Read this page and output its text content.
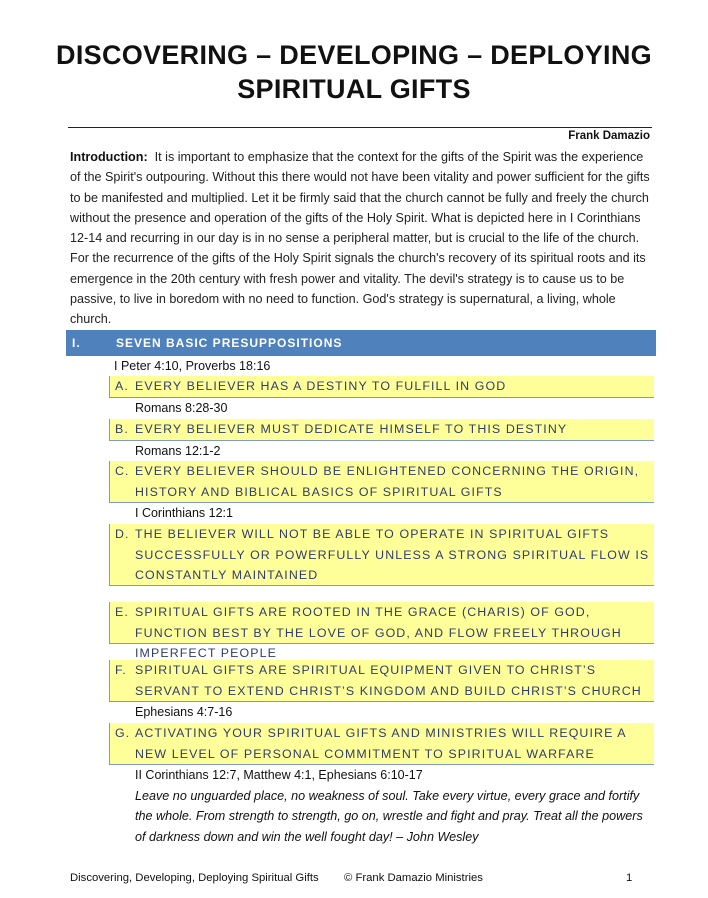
DISCOVERING – DEVELOPING – DEPLOYING
SPIRITUAL GIFTS
Frank Damazio
Introduction: It is important to emphasize that the context for the gifts of the Spirit was the experience of the Spirit's outpouring. Without this there would not have been vitality and power sufficient for the gifts to be manifested and multiplied. Let it be firmly said that the church cannot be fully and freely the church without the presence and operation of the gifts of the Holy Spirit. What is depicted here in I Corinthians 12-14 and recurring in our day is in no sense a peripheral matter, but is crucial to the life of the church. For the recurrence of the gifts of the Holy Spirit signals the church's recovery of its spiritual roots and its emergence in the 20th century with fresh power and vitality. The devil's strategy is to cause us to be passive, to live in boredom with no need to function. God's strategy is supernatural, a living, whole church.
I.	SEVEN BASIC PRESUPPOSITIONS
I Peter 4:10, Proverbs 18:16
A. EVERY BELIEVER HAS A DESTINY TO FULFILL IN GOD
Romans 8:28-30
B. EVERY BELIEVER MUST DEDICATE HIMSELF TO THIS DESTINY
Romans 12:1-2
C. EVERY BELIEVER SHOULD BE ENLIGHTENED CONCERNING THE ORIGIN, HISTORY AND BIBLICAL BASICS OF SPIRITUAL GIFTS
I Corinthians 12:1
D. THE BELIEVER WILL NOT BE ABLE TO OPERATE IN SPIRITUAL GIFTS SUCCESSFULLY OR POWERFULLY UNLESS A STRONG SPIRITUAL FLOW IS CONSTANTLY MAINTAINED
E. SPIRITUAL GIFTS ARE ROOTED IN THE GRACE (CHARIS) OF GOD, FUNCTION BEST BY THE LOVE OF GOD, AND FLOW FREELY THROUGH IMPERFECT PEOPLE
F. SPIRITUAL GIFTS ARE SPIRITUAL EQUIPMENT GIVEN TO CHRIST’S SERVANT TO EXTEND CHRIST’S KINGDOM AND BUILD CHRIST’S CHURCH
Ephesians 4:7-16
G. ACTIVATING YOUR SPIRITUAL GIFTS AND MINISTRIES WILL REQUIRE A NEW LEVEL OF PERSONAL COMMITMENT TO SPIRITUAL WARFARE
II Corinthians 12:7, Matthew 4:1, Ephesians 6:10-17
Leave no unguarded place, no weakness of soul. Take every virtue, every grace and fortify the whole. From strength to strength, go on, wrestle and fight and pray. Treat all the powers of darkness down and win the well fought day! – John Wesley
Discovering, Developing, Deploying Spiritual Gifts © Frank Damazio Ministries	1
